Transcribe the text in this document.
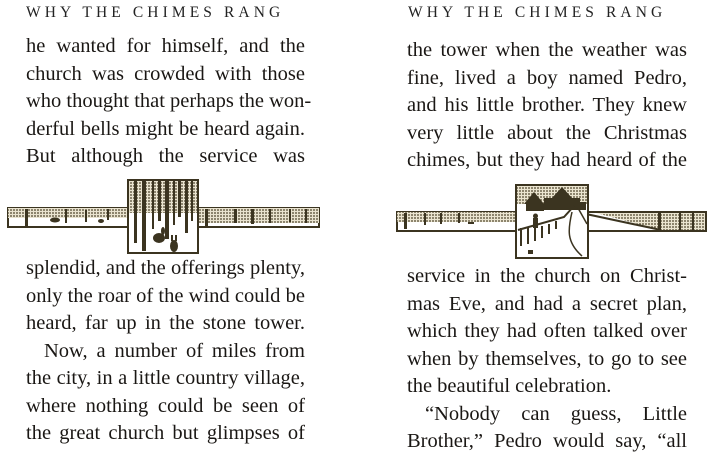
WHY THE CHIMES RANG
he wanted for himself, and the
church was crowded with those
who thought that perhaps the won-
derful bells might be heard again.
But although the service was
splendid, and the offerings plenty,
only the roar of the wind could be
heard, far up in the stone tower.
Now, a number of miles from
the city, in a little country village,
where nothing could be seen of
the great church but glimpses of
WHY THE CHIMES RANG
the tower when the weather was
fine, lived a boy named Pedro,
and his little brother. They knew
very little about the Christmas
chimes, but they had heard of the
service in the church on Christ-
mas Eve, and had a secret plan,
which they had often talked over
when by themselves, to go to see
the beautiful celebration.
“Nobody can guess, Little
Brother,” Pedro would say, “all
